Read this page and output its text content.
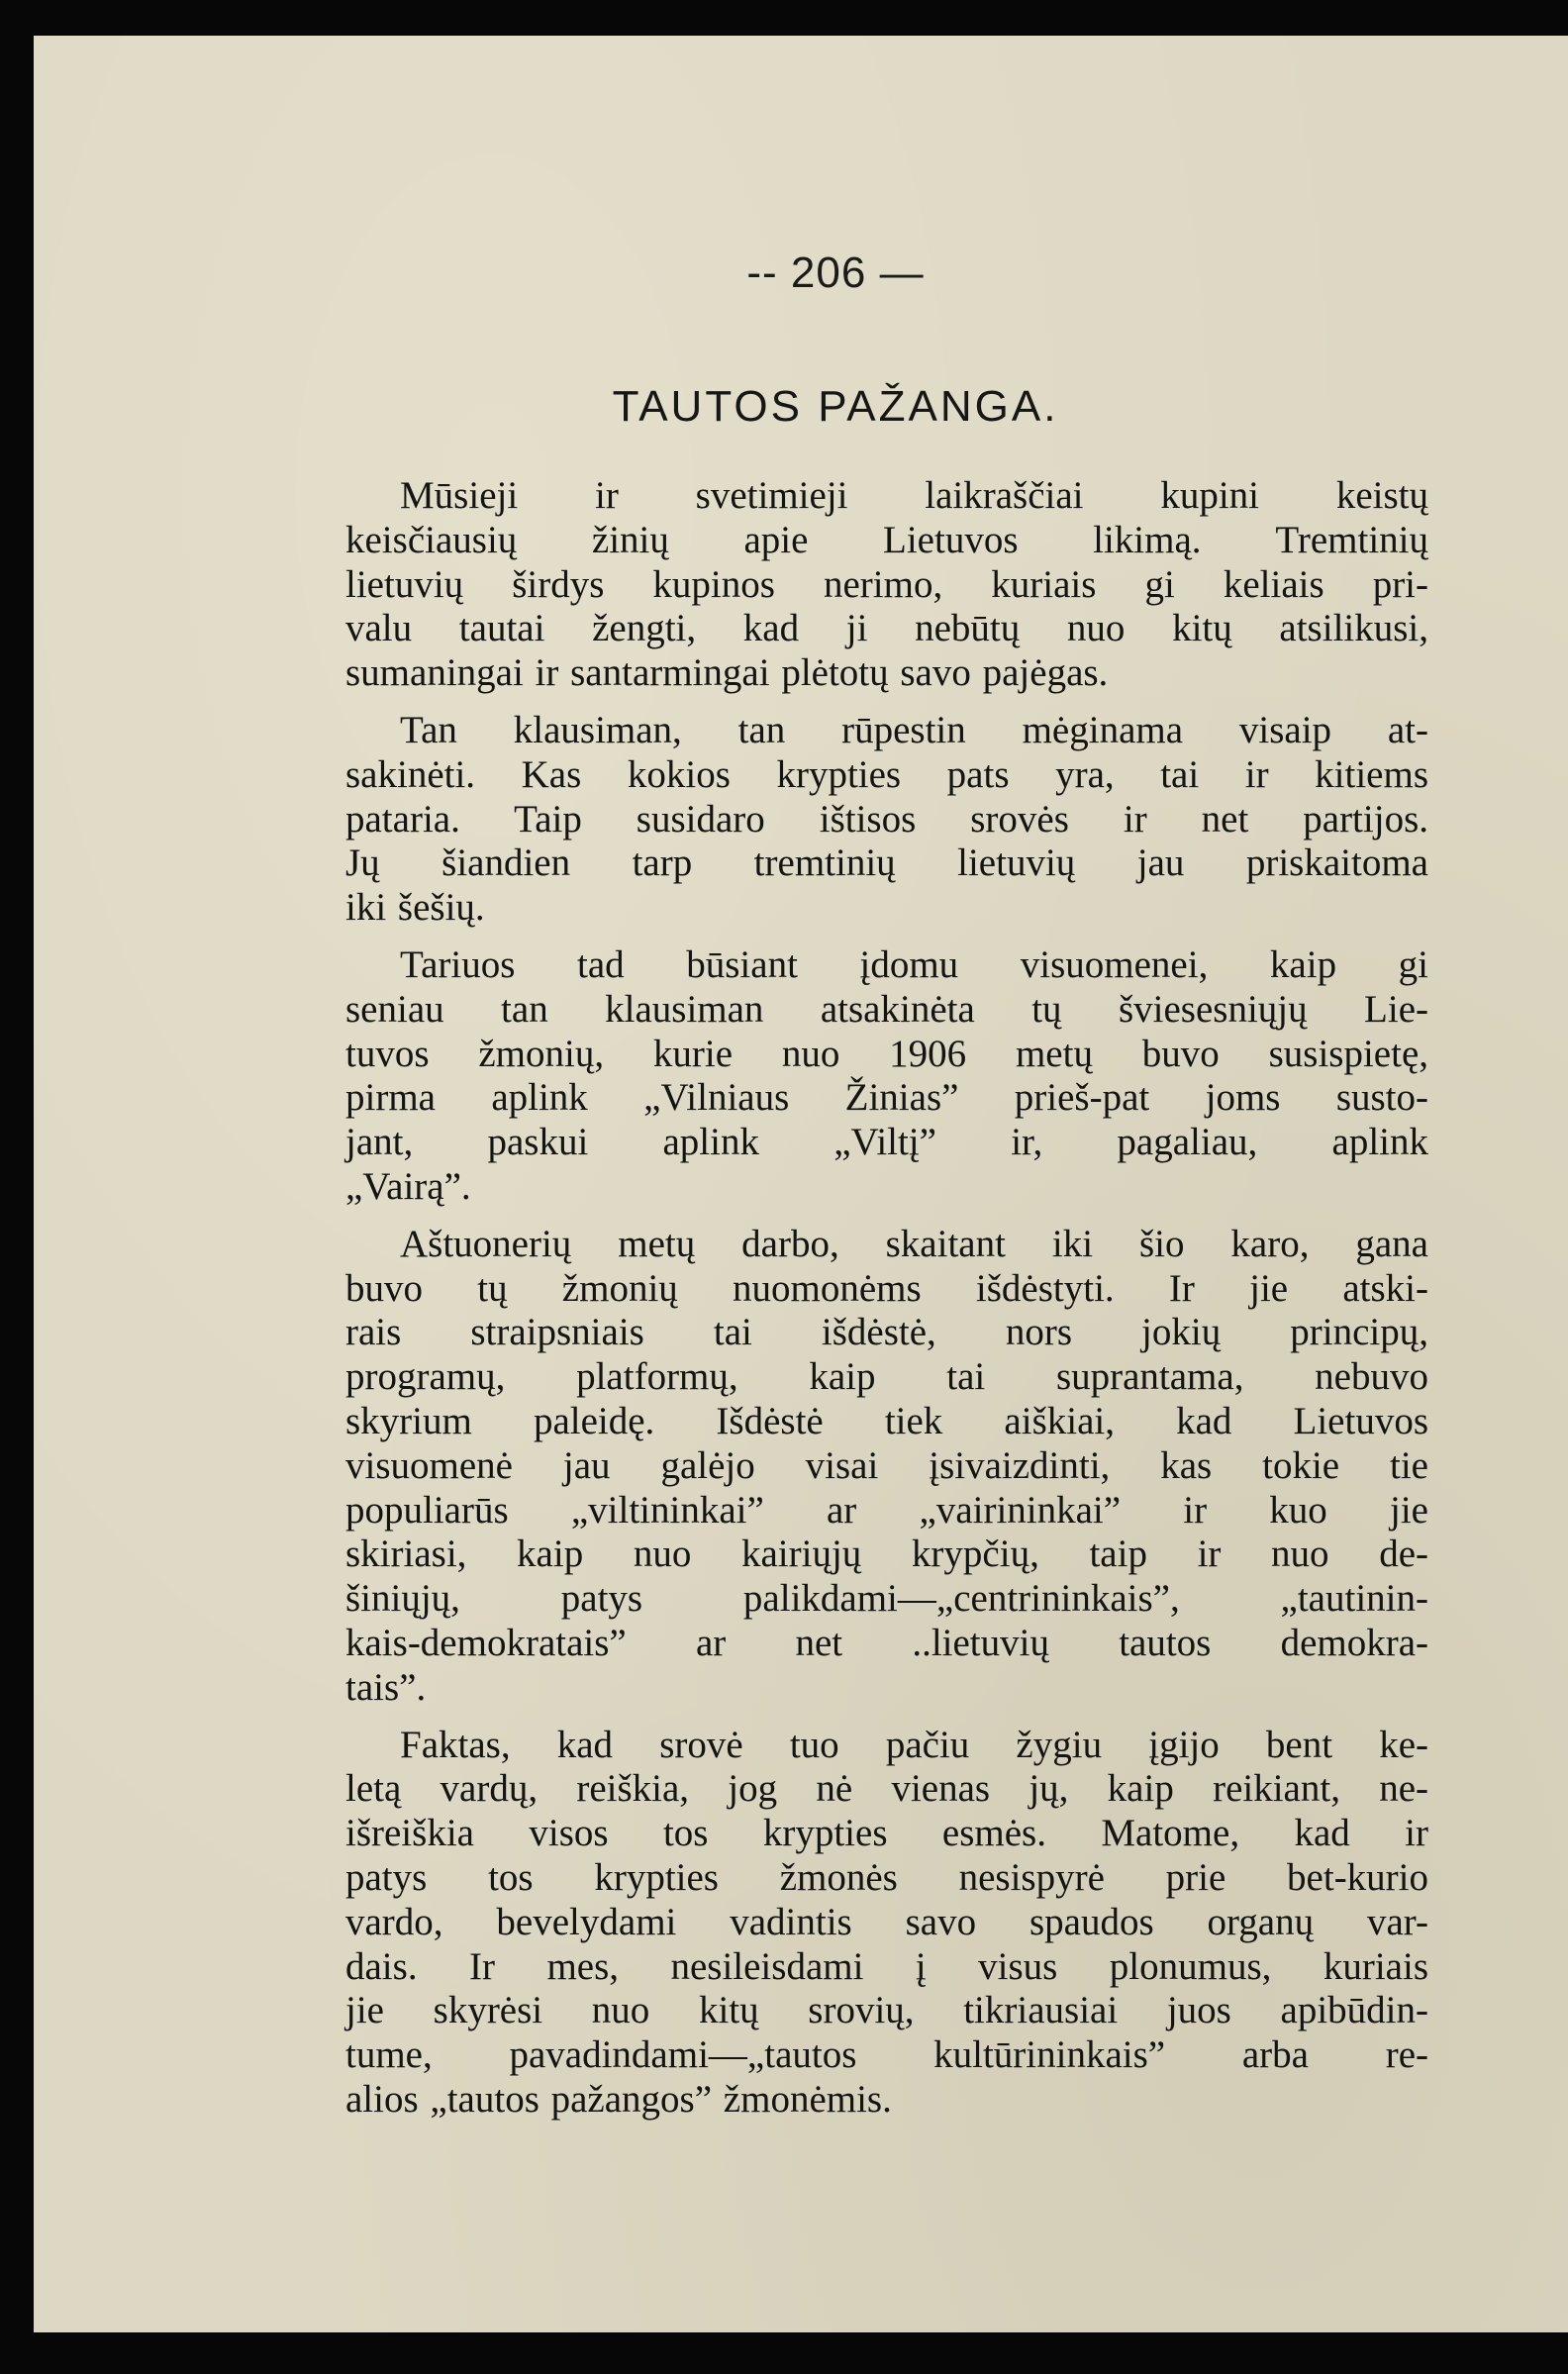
-- 206 —
TAUTOS PAŽANGA.
Mūsieji ir svetimieji laikraščiai kupini keistų
keisčiausių žinių apie Lietuvos likimą. Tremtinių
lietuvių širdys kupinos nerimo, kuriais gi keliais pri-
valu tautai žengti, kad ji nebūtų nuo kitų atsilikusi,
sumaningai ir santarmingai plėtotų savo pajėgas.
Tan klausiman, tan rūpestin mėginama visaip at-
sakinėti. Kas kokios krypties pats yra, tai ir kitiems
pataria. Taip susidaro ištisos srovės ir net partijos.
Jų šiandien tarp tremtinių lietuvių jau priskaitoma
iki šešių.
Tariuos tad būsiant įdomu visuomenei, kaip gi
seniau tan klausiman atsakinėta tų šviesesniųjų Lie-
tuvos žmonių, kurie nuo 1906 metų buvo susispietę,
pirma aplink „Vilniaus Žinias” prieš-pat joms susto-
jant, paskui aplink „Viltį” ir, pagaliau, aplink
„Vairą”.
Aštuonerių metų darbo, skaitant iki šio karo, gana
buvo tų žmonių nuomonėms išdėstyti. Ir jie atski-
rais straipsniais tai išdėstė, nors jokių principų,
programų, platformų, kaip tai suprantama, nebuvo
skyrium paleidę. Išdėstė tiek aiškiai, kad Lietuvos
visuomenė jau galėjo visai įsivaizdinti, kas tokie tie
populiarūs „viltininkai” ar „vairininkai” ir kuo jie
skiriasi, kaip nuo kairiųjų krypčių, taip ir nuo de-
šiniųjų, patys palikdami—„centrininkais”, „tautinin-
kais-demokratais” ar net ..lietuvių tautos demokra-
tais”.
Faktas, kad srovė tuo pačiu žygiu įgijo bent ke-
letą vardų, reiškia, jog nė vienas jų, kaip reikiant, ne-
išreiškia visos tos krypties esmės. Matome, kad ir
patys tos krypties žmonės nesispyrė prie bet-kurio
vardo, bevelydami vadintis savo spaudos organų var-
dais. Ir mes, nesileisdami į visus plonumus, kuriais
jie skyrėsi nuo kitų srovių, tikriausiai juos apibūdin-
tume, pavadindami—„tautos kultūrininkais” arba re-
alios „tautos pažangos” žmonėmis.
